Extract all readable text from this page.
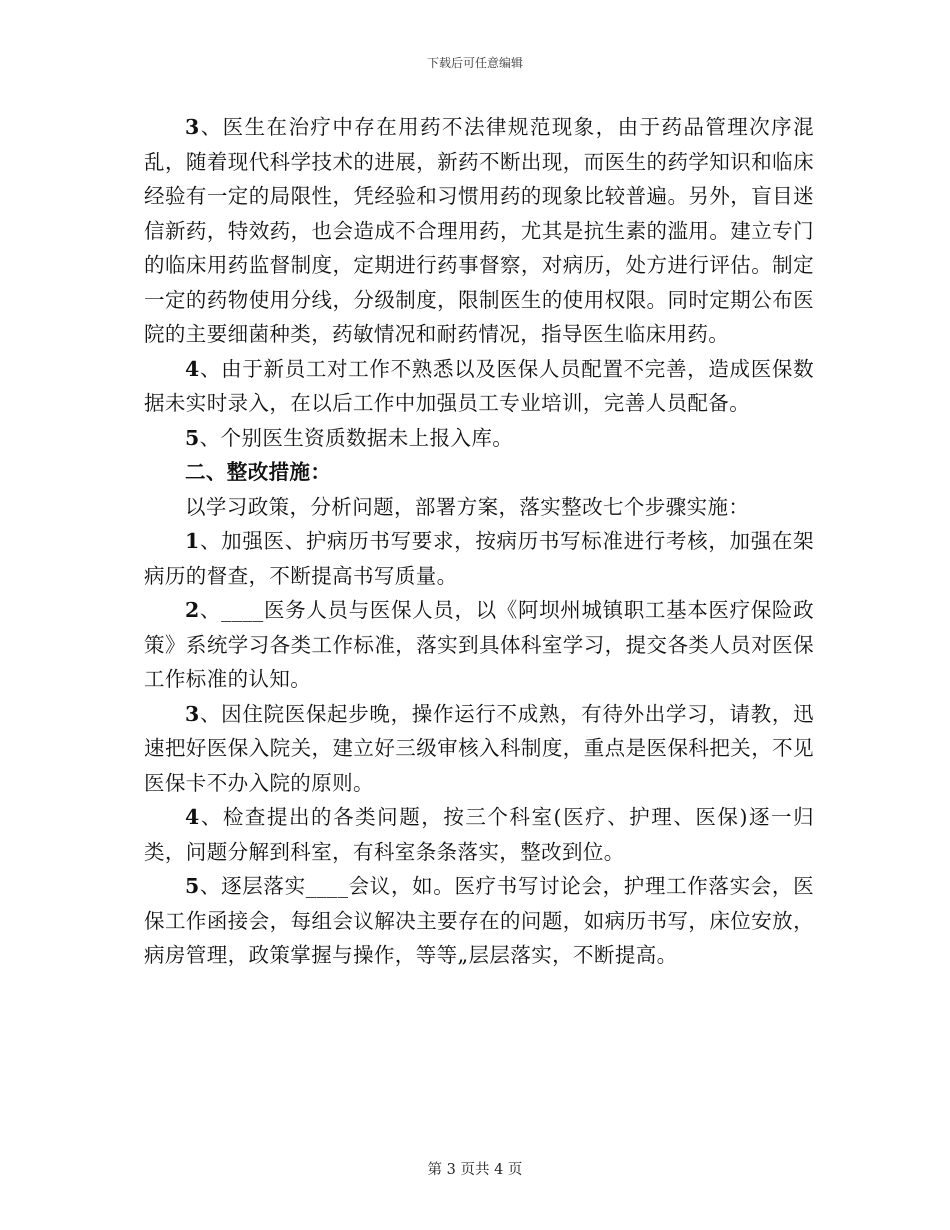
下载后可任意编辑

3、医生在治疗中存在用药不法律规范现象，由于药品管理次序混乱，随着现代科学技术的进展，新药不断出现，而医生的药学知识和临床经验有一定的局限性，凭经验和习惯用药的现象比较普遍。另外，盲目迷信新药，特效药，也会造成不合理用药，尤其是抗生素的滥用。建立专门的临床用药监督制度，定期进行药事督察，对病历，处方进行评估。制定一定的药物使用分线，分级制度，限制医生的使用权限。同时定期公布医院的主要细菌种类，药敏情况和耐药情况，指导医生临床用药。

4、由于新员工对工作不熟悉以及医保人员配置不完善，造成医保数据未实时录入，在以后工作中加强员工专业培训，完善人员配备。

5、个别医生资质数据未上报入库。

二、整改措施：

以学习政策，分析问题，部署方案，落实整改七个步骤实施：

1、加强医、护病历书写要求，按病历书写标准进行考核，加强在架病历的督查，不断提高书写质量。

2、____医务人员与医保人员，以《阿坝州城镇职工基本医疗保险政策》系统学习各类工作标准，落实到具体科室学习，提交各类人员对医保工作标准的认知。

3、因住院医保起步晚，操作运行不成熟，有待外出学习，请教，迅速把好医保入院关，建立好三级审核入科制度，重点是医保科把关，不见医保卡不办入院的原则。

4、检查提出的各类问题，按三个科室(医疗、护理、医保)逐一归类，问题分解到科室，有科室条条落实，整改到位。

5、逐层落实____会议，如。医疗书写讨论会，护理工作落实会，医保工作函接会，每组会议解决主要存在的问题，如病历书写，床位安放，病房管理，政策掌握与操作，等等„层层落实，不断提高。

第 3 页共 4 页
